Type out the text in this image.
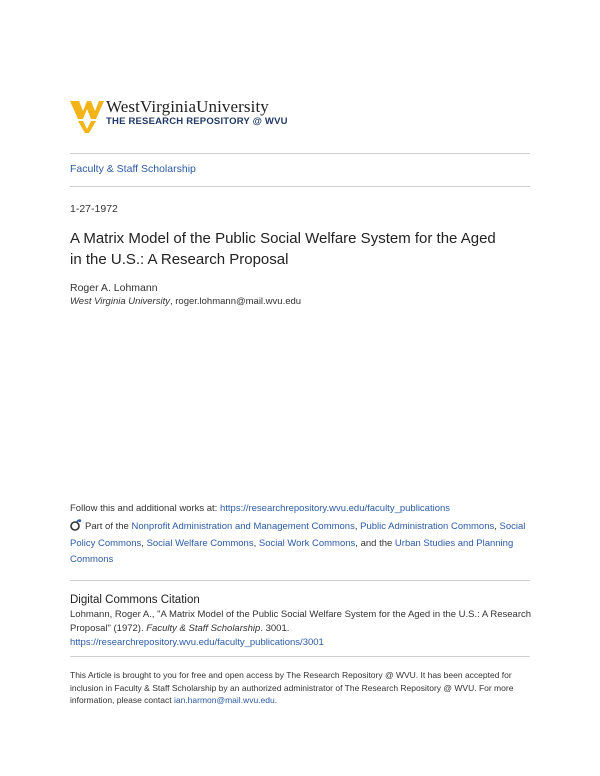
WestVirginiaUniversity
THE RESEARCH REPOSITORY @ WVU
Faculty & Staff Scholarship
1-27-1972
A Matrix Model of the Public Social Welfare System for the Aged
in the U.S.: A Research Proposal
Roger A. Lohmann
West Virginia University, roger.lohmann@mail.wvu.edu
Follow this and additional works at: https://researchrepository.wvu.edu/faculty_publications
Part of the Nonprofit Administration and Management Commons, Public Administration Commons, Social Policy Commons, Social Welfare Commons, Social Work Commons, and the Urban Studies and Planning Commons
Digital Commons Citation
Lohmann, Roger A., "A Matrix Model of the Public Social Welfare System for the Aged in the U.S.: A Research Proposal" (1972). Faculty & Staff Scholarship. 3001.
https://researchrepository.wvu.edu/faculty_publications/3001
This Article is brought to you for free and open access by The Research Repository @ WVU. It has been accepted for inclusion in Faculty & Staff Scholarship by an authorized administrator of The Research Repository @ WVU. For more information, please contact ian.harmon@mail.wvu.edu.
